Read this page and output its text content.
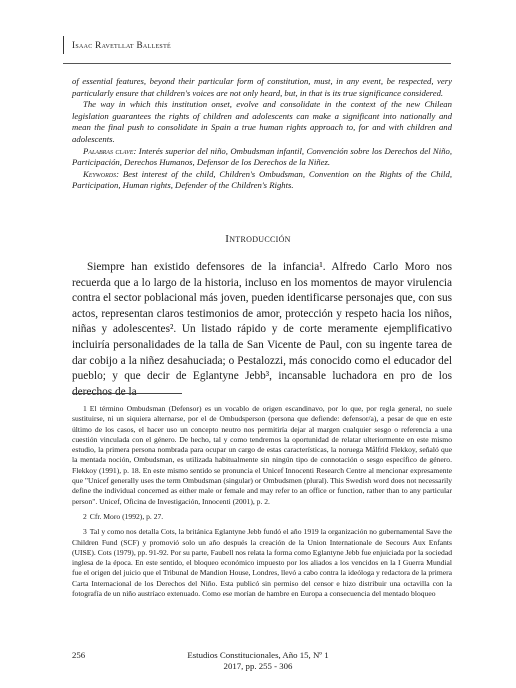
Isaac Ravetllat Ballesté

of essential features, beyond their particular form of constitution, must, in any event, be respected, very particularly ensure that children's voices are not only heard, but, in that is its true significance considered.

The way in which this institution onset, evolve and consolidate in the context of the new Chilean legislation guarantees the rights of children and adolescents can make a significant into nationally and mean the final push to consolidate in Spain a true human rights approach to, for and with children and adolescents.

Palabras clave: Interés superior del niño, Ombudsman infantil, Convención sobre los Derechos del Niño, Participación, Derechos Humanos, Defensor de los Derechos de la Niñez.

Keywords: Best interest of the child, Children's Ombudsman, Convention on the Rights of the Child, Participation, Human rights, Defender of the Children's Rights.

Introducción

Siempre han existido defensores de la infancia¹. Alfredo Carlo Moro nos recuerda que a lo largo de la historia, incluso en los momentos de mayor virulencia contra el sector poblacional más joven, pueden identificarse personajes que, con sus actos, representan claros testimonios de amor, protección y respeto hacia los niños, niñas y adolescentes². Un listado rápido y de corte meramente ejemplificativo incluiría personalidades de la talla de San Vicente de Paul, con su ingente tarea de dar cobijo a la niñez desahuciada; o Pestalozzi, más conocido como el educador del pueblo; y que decir de Eglantyne Jebb³, incansable luchadora en pro de los derechos de la

1 El término Ombudsman (Defensor) es un vocablo de origen escandinavo, por lo que, por regla general, no suele sustituirse, ni un siquiera alternarse, por el de Ombudsperson (persona que defiende: defensor/a), a pesar de que en este último de los casos, el hacer uso un concepto neutro nos permitiría dejar al margen cualquier sesgo o referencia a una cuestión vinculada con el género. De hecho, tal y como tendremos la oportunidad de relatar ulteriormente en este mismo estudio, la primera persona nombrada para ocupar un cargo de estas características, la noruega Målfrid Flekkoy, señaló que la mentada noción, Ombudsman, es utilizada habitualmente sin ningún tipo de connotación o sesgo específico de género. Flekkoy (1991), p. 18. En este mismo sentido se pronuncia el Unicef Innocenti Research Centre al mencionar expresamente que "Unicef generally uses the term Ombudsman (singular) or Ombudsmen (plural). This Swedish word does not necessarily define the individual concerned as either male or female and may refer to an office or function, rather than to any particular person". Unicef, Oficina de Investigación, Innocenti (2001), p. 2.

2 Cfr. Moro (1992), p. 27.

3 Tal y como nos detalla Cots, la británica Eglantyne Jebb fundó el año 1919 la organización no gubernamental Save the Children Fund (SCF) y promovió solo un año después la creación de la Union Internationale de Secours Aux Enfants (UISE). Cots (1979), pp. 91-92. Por su parte, Faubell nos relata la forma como Eglantyne Jebb fue enjuiciada por la sociedad inglesa de la época. En este sentido, el bloqueo económico impuesto por los aliados a los vencidos en la I Guerra Mundial fue el origen del juicio que el Tribunal de Mandion House, Londres, llevó a cabo contra la ideóloga y redactora de la primera Carta Internacional de los Derechos del Niño. Esta publicó sin permiso del censor e hizo distribuir una octavilla con la fotografía de un niño austríaco extenuado. Como ese morían de hambre en Europa a consecuencia del mentado bloqueo

256	Estudios Constitucionales, Año 15, Nº 1
2017, pp. 255 - 306
